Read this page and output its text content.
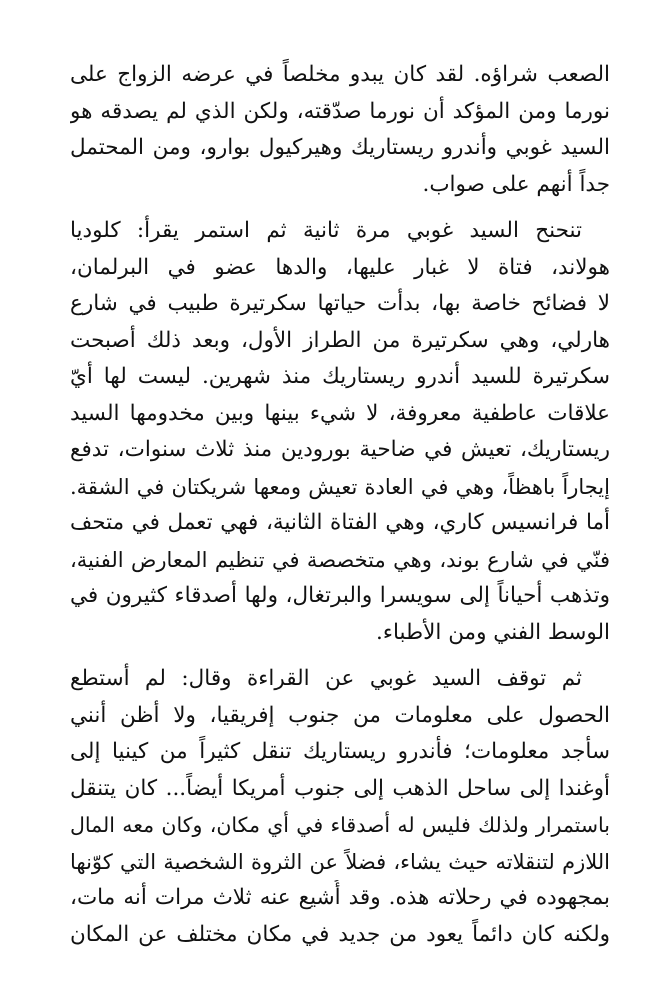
الصعب شراؤه. لقد كان يبدو مخلصاً في عرضه الزواج على
نورما ومن المؤكد أن نورما صدّقته، ولكن الذي لم يصدقه هو
السيد غوبي وأندرو ريستاريك وهيركيول بوارو، ومن المحتمل
جداً أنهم على صواب.
تنحنح السيد غوبي مرة ثانية ثم استمر يقرأ: كلوديا
هولاند، فتاة لا غبار عليها، والدها عضو في البرلمان،
لا فضائح خاصة بها، بدأت حياتها سكرتيرة طبيب في شارع
هارلي، وهي سكرتيرة من الطراز الأول، وبعد ذلك أصبحت
سكرتيرة للسيد أندرو ريستاريك منذ شهرين. ليست لها أيّ
علاقات عاطفية معروفة، لا شيء بينها وبين مخدومها السيد
ريستاريك، تعيش في ضاحية بورودين منذ ثلاث سنوات، تدفع
إيجاراً باهظاً، وهي في العادة تعيش ومعها شريكتان في الشقة.
أما فرانسيس كاري، وهي الفتاة الثانية، فهي تعمل في متحف
فنّي في شارع بوند، وهي متخصصة في تنظيم المعارض الفنية،
وتذهب أحياناً إلى سويسرا والبرتغال، ولها أصدقاء كثيرون في
الوسط الفني ومن الأطباء.
ثم توقف السيد غوبي عن القراءة وقال: لم أستطع
الحصول على معلومات من جنوب إفريقيا، ولا أظن أنني
سأجد معلومات؛ فأندرو ريستاريك تنقل كثيراً من كينيا إلى
أوغندا إلى ساحل الذهب إلى جنوب أمريكا أيضاً... كان يتنقل
باستمرار ولذلك فليس له أصدقاء في أي مكان، وكان معه المال
اللازم لتنقلاته حيث يشاء، فضلاً عن الثروة الشخصية التي كوّنها
بمجهوده في رحلاته هذه. وقد أُشيع عنه ثلاث مرات أنه مات،
ولكنه كان دائماً يعود من جديد في مكان مختلف عن المكان
